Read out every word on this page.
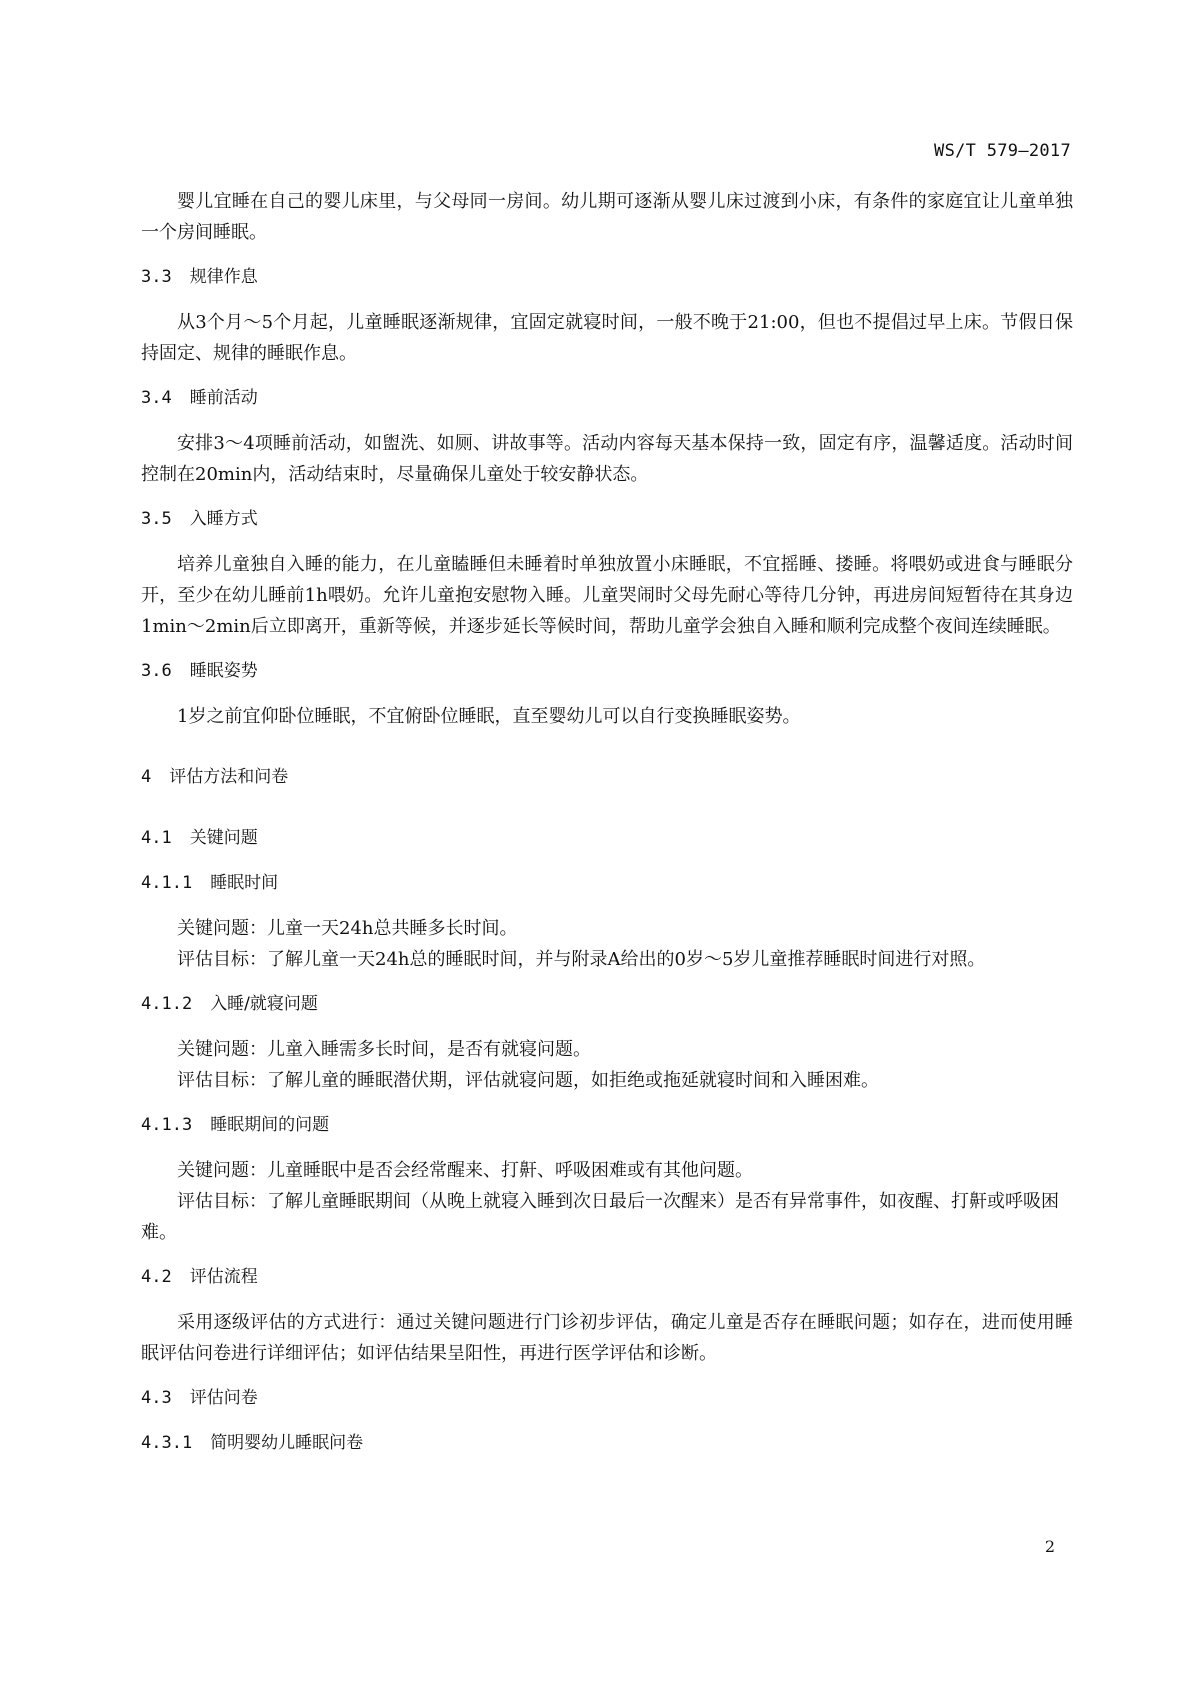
WS/T 579—2017

婴儿宜睡在自己的婴儿床里，与父母同一房间。幼儿期可逐渐从婴儿床过渡到小床，有条件的家庭宜让儿童单独一个房间睡眠。

3.3 规律作息

从3个月～5个月起，儿童睡眠逐渐规律，宜固定就寝时间，一般不晚于21:00，但也不提倡过早上床。节假日保持固定、规律的睡眠作息。

3.4 睡前活动

安排3～4项睡前活动，如盥洗、如厕、讲故事等。活动内容每天基本保持一致，固定有序，温馨适度。活动时间控制在20min内，活动结束时，尽量确保儿童处于较安静状态。

3.5 入睡方式

培养儿童独自入睡的能力，在儿童瞌睡但未睡着时单独放置小床睡眠，不宜摇睡、搂睡。将喂奶或进食与睡眠分开，至少在幼儿睡前1h喂奶。允许儿童抱安慰物入睡。儿童哭闹时父母先耐心等待几分钟，再进房间短暂待在其身边1min～2min后立即离开，重新等候，并逐步延长等候时间，帮助儿童学会独自入睡和顺利完成整个夜间连续睡眠。

3.6 睡眠姿势

1岁之前宜仰卧位睡眠，不宜俯卧位睡眠，直至婴幼儿可以自行变换睡眠姿势。

4 评估方法和问卷
4.1 关键问题
4.1.1 睡眠时间

关键问题：儿童一天24h总共睡多长时间。

评估目标：了解儿童一天24h总的睡眠时间，并与附录A给出的0岁～5岁儿童推荐睡眠时间进行对照。

4.1.2 入睡/就寝问题

关键问题：儿童入睡需多长时间，是否有就寝问题。

评估目标：了解儿童的睡眠潜伏期，评估就寝问题，如拒绝或拖延就寝时间和入睡困难。

4.1.3 睡眠期间的问题

关键问题：儿童睡眠中是否会经常醒来、打鼾、呼吸困难或有其他问题。

评估目标：了解儿童睡眠期间（从晚上就寝入睡到次日最后一次醒来）是否有异常事件，如夜醒、打鼾或呼吸困难。

4.2 评估流程

采用逐级评估的方式进行：通过关键问题进行门诊初步评估，确定儿童是否存在睡眠问题；如存在，进而使用睡眠评估问卷进行详细评估；如评估结果呈阳性，再进行医学评估和诊断。

4.3 评估问卷
4.3.1 简明婴幼儿睡眠问卷
2
